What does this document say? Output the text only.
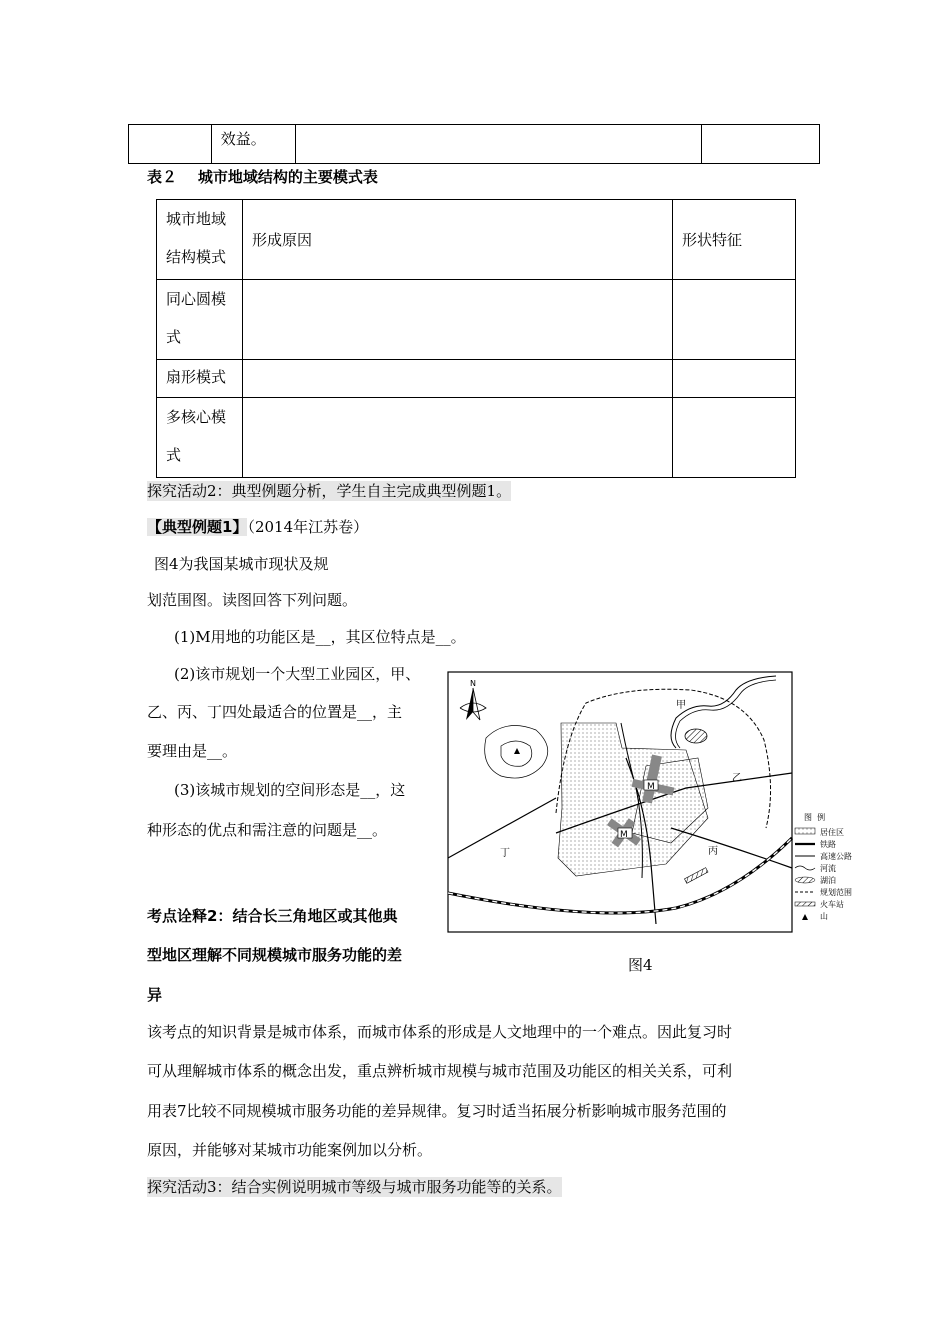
	效益。		
表２    城市地域结构的主要模式表
城市地域
结构模式	形成原因	形状特征

同心圆模
式		

扇形模式		

多核心模
式		

探究活动2：典型例题分析，学生自主完成典型例题1。
【典型例题1】（2014年江苏卷）
图4为我国某城市现状及规
划范围图。读图回答下列问题。
(1)M用地的功能区是__，其区位特点是__。
(2)该市规划一个大型工业园区，甲、
乙、丙、丁四处最适合的位置是__，主
要理由是__。
(3)该城市规划的空间形态是__，这
种形态的优点和需注意的问题是__。
N
M
M
甲
乙
丙
丁
图  例
居住区
铁路
高速公路
河流
湖泊
规划范围
火车站
山
图4
考点诠释2：结合长三角地区或其他典
型地区理解不同规模城市服务功能的差
异
该考点的知识背景是城市体系，而城市体系的形成是人文地理中的一个难点。因此复习时
可从理解城市体系的概念出发，重点辨析城市规模与城市范围及功能区的相关关系，可利
用表7比较不同规模城市服务功能的差异规律。复习时适当拓展分析影响城市服务范围的
原因，并能够对某城市功能案例加以分析。
探究活动3：结合实例说明城市等级与城市服务功能等的关系。
